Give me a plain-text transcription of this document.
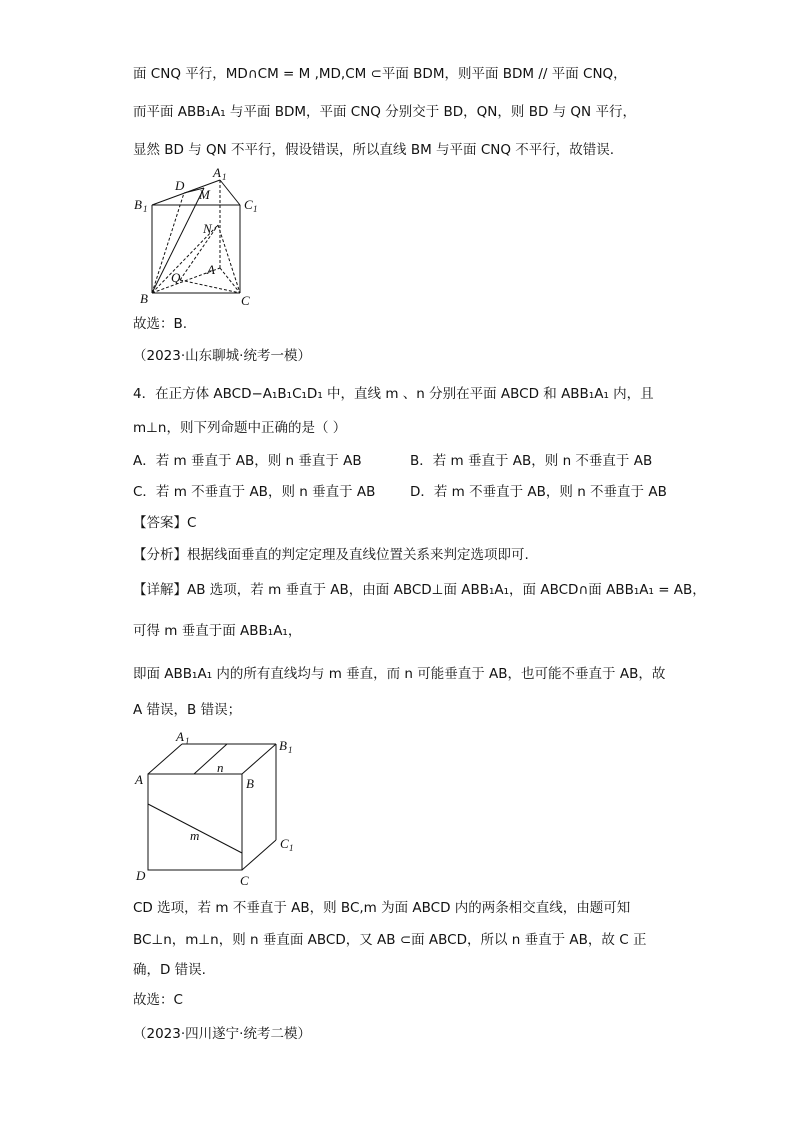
面 CNQ 平行，MD∩CM = M ,MD,CM ⊂平面 BDM，则平面 BDM // 平面 CNQ，
而平面 ABB₁A₁ 与平面 BDM，平面 CNQ 分别交于 BD，QN，则 BD 与 QN 平行，
显然 BD 与 QN 不平行，假设错误，所以直线 BM 与平面 CNQ 不平行，故错误.
A 1
B 1	C 1
D
M
N
Q
A
B	C
故选：B.
（2023·山东聊城·统考一模）
4．在正方体 ABCD−A₁B₁C₁D₁ 中，直线 m 、n 分别在平面 ABCD 和 ABB₁A₁ 内，且
m⊥n，则下列命题中正确的是（ ）
A．若 m 垂直于 AB，则 n 垂直于 AB	B．若 m 垂直于 AB，则 n 不垂直于 AB
C．若 m 不垂直于 AB，则 n 垂直于 AB	D．若 m 不垂直于 AB，则 n 不垂直于 AB
【答案】C
【分析】根据线面垂直的判定定理及直线位置关系来判定选项即可.
【详解】AB 选项，若 m 垂直于 AB，由面 ABCD⊥面 ABB₁A₁，面 ABCD∩面 ABB₁A₁ = AB，
可得 m 垂直于面 ABB₁A₁，
即面 ABB₁A₁ 内的所有直线均与 m 垂直，而 n 可能垂直于 AB，也可能不垂直于 AB，故
A 错误，B 错误；
A 1	B 1
A	B
C 1
D	C
n
m
CD 选项，若 m 不垂直于 AB，则 BC,m 为面 ABCD 内的两条相交直线，由题可知
BC⊥n，m⊥n，则 n 垂直面 ABCD，又 AB ⊂面 ABCD，所以 n 垂直于 AB，故 C 正
确，D 错误.
故选：C
（2023·四川遂宁·统考二模）
